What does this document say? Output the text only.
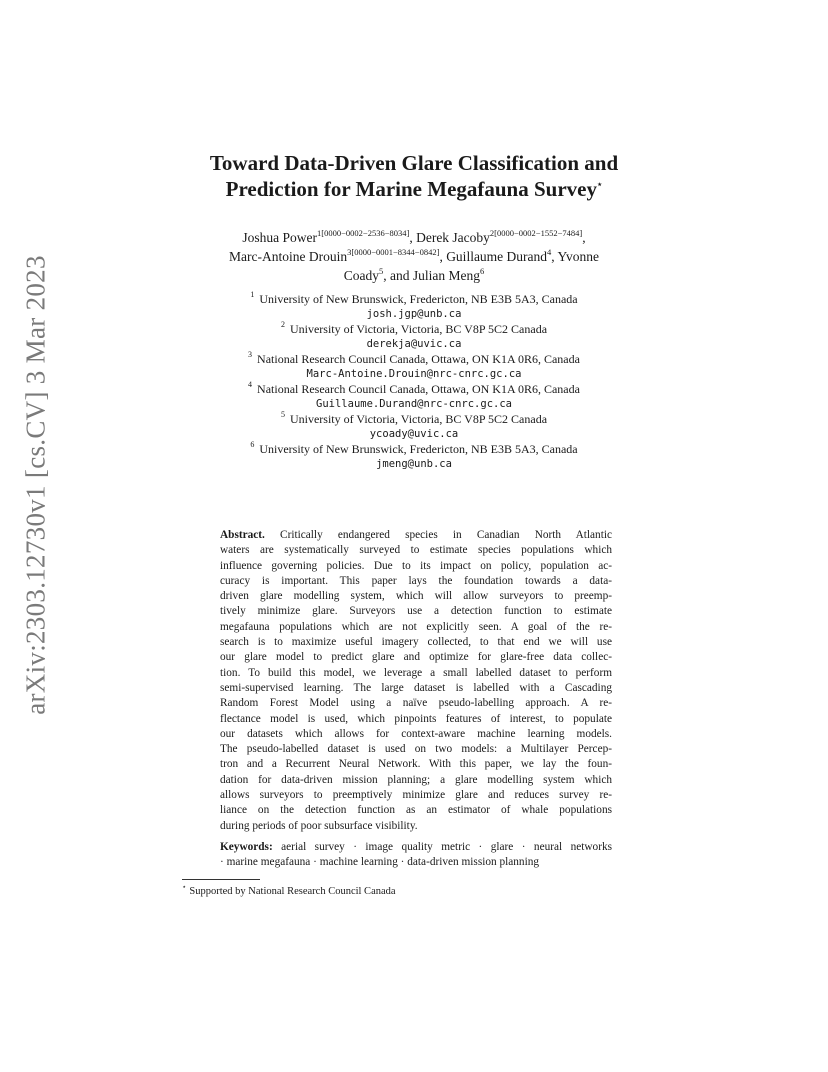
arXiv:2303.12730v1 [cs.CV] 3 Mar 2023
Toward Data-Driven Glare Classification and
Prediction for Marine Megafauna Survey⋆
Joshua Power$^{1[0000-0002-2536-8034]}$, Derek Jacoby$^{2[0000-0002-1552-7484]}$,
Marc-Antoine Drouin$^{3[0000-0001-8344-0842]}$, Guillaume Durand$^4$, Yvonne
Coady$^5$, and Julian Meng$^6$
$^1$ University of New Brunswick, Fredericton, NB E3B 5A3, Canada
josh.jgp@unb.ca
$^2$ University of Victoria, Victoria, BC V8P 5C2 Canada
derekja@uvic.ca
$^3$ National Research Council Canada, Ottawa, ON K1A 0R6, Canada
Marc-Antoine.Drouin@nrc-cnrc.gc.ca
$^4$ National Research Council Canada, Ottawa, ON K1A 0R6, Canada
Guillaume.Durand@nrc-cnrc.gc.ca
$^5$ University of Victoria, Victoria, BC V8P 5C2 Canada
ycoady@uvic.ca
$^6$ University of New Brunswick, Fredericton, NB E3B 5A3, Canada
jmeng@unb.ca
Abstract. Critically endangered species in Canadian North Atlantic
waters are systematically surveyed to estimate species populations which
influence governing policies. Due to its impact on policy, population ac-
curacy is important. This paper lays the foundation towards a data-
driven glare modelling system, which will allow surveyors to preemp-
tively minimize glare. Surveyors use a detection function to estimate
megafauna populations which are not explicitly seen. A goal of the re-
search is to maximize useful imagery collected, to that end we will use
our glare model to predict glare and optimize for glare-free data collec-
tion. To build this model, we leverage a small labelled dataset to perform
semi-supervised learning. The large dataset is labelled with a Cascading
Random Forest Model using a naïve pseudo-labelling approach. A re-
flectance model is used, which pinpoints features of interest, to populate
our datasets which allows for context-aware machine learning models.
The pseudo-labelled dataset is used on two models: a Multilayer Percep-
tron and a Recurrent Neural Network. With this paper, we lay the foun-
dation for data-driven mission planning; a glare modelling system which
allows surveyors to preemptively minimize glare and reduces survey re-
liance on the detection function as an estimator of whale populations
during periods of poor subsurface visibility.
Keywords: aerial survey · image quality metric · glare · neural networks
· marine megafauna · machine learning · data-driven mission planning
⋆ Supported by National Research Council Canada
